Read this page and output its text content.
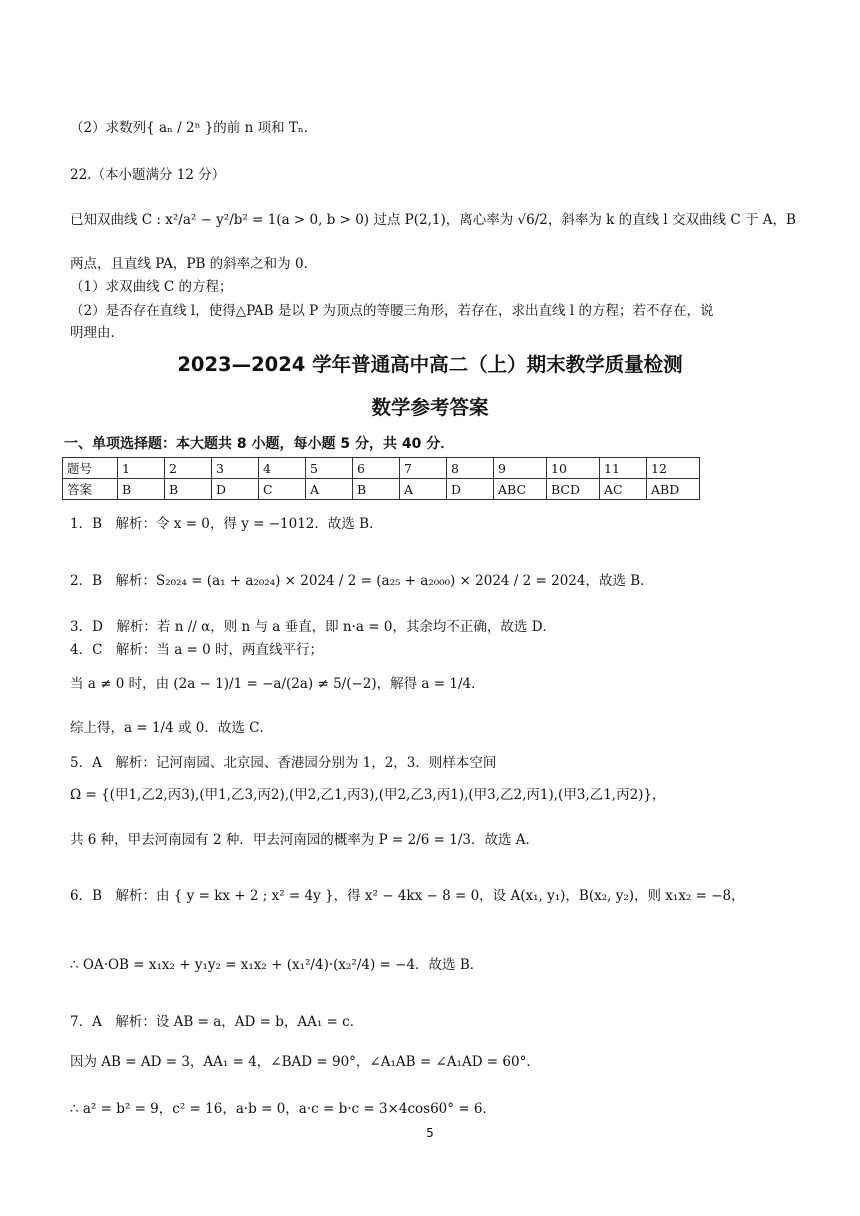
（2）求数列{ aₙ / 2ⁿ }的前 n 项和 Tₙ．
22.（本小题满分 12 分）
已知双曲线 C : x²/a² − y²/b² = 1(a > 0, b > 0) 过点 P(2,1)，离心率为 √6/2，斜率为 k 的直线 l 交双曲线 C 于 A，B
两点，且直线 PA，PB 的斜率之和为 0.
（1）求双曲线 C 的方程；
（2）是否存在直线 l，使得△PAB 是以 P 为顶点的等腰三角形，若存在，求出直线 l 的方程；若不存在，说
明理由.
2023—2024 学年普通高中高二（上）期末教学质量检测
数学参考答案
一、单项选择题：本大题共 8 小题，每小题 5 分，共 40 分．
题号	1	2	3	4	5	6	7	8	9	10	11	12
答案	B	B	D	C	A	B	A	D	ABC	BCD	AC	ABD
1．B　解析：令 x = 0，得 y = −1012．故选 B．
2．B　解析：S₂₀₂₄ = (a₁ + a₂₀₂₄) × 2024 / 2 = (a₂₅ + a₂₀₀₀) × 2024 / 2 = 2024，故选 B．
3．D　解析：若 n // α，则 n 与 a 垂直，即 n·a = 0，其余均不正确，故选 D．
4．C　解析：当 a = 0 时，两直线平行；
当 a ≠ 0 时，由 (2a − 1)/1 = −a/(2a) ≠ 5/(−2)，解得 a = 1/4．
综上得，a = 1/4 或 0．故选 C．
5．A　解析：记河南园、北京园、香港园分别为 1，2，3．则样本空间
Ω = {(甲1,乙2,丙3),(甲1,乙3,丙2),(甲2,乙1,丙3),(甲2,乙3,丙1),(甲3,乙2,丙1),(甲3,乙1,丙2)}，
共 6 种，甲去河南园有 2 种．甲去河南园的概率为 P = 2/6 = 1/3．故选 A．
6．B　解析：由 { y = kx + 2 ; x² = 4y }，得 x² − 4kx − 8 = 0，设 A(x₁, y₁)，B(x₂, y₂)，则 x₁x₂ = −8，
∴ OA·OB = x₁x₂ + y₁y₂ = x₁x₂ + (x₁²/4)·(x₂²/4) = −4．故选 B．
7．A　解析：设 AB = a，AD = b，AA₁ = c．
因为 AB = AD = 3，AA₁ = 4，∠BAD = 90°，∠A₁AB = ∠A₁AD = 60°．
∴ a² = b² = 9，c² = 16，a·b = 0，a·c = b·c = 3×4cos60° = 6．
5
